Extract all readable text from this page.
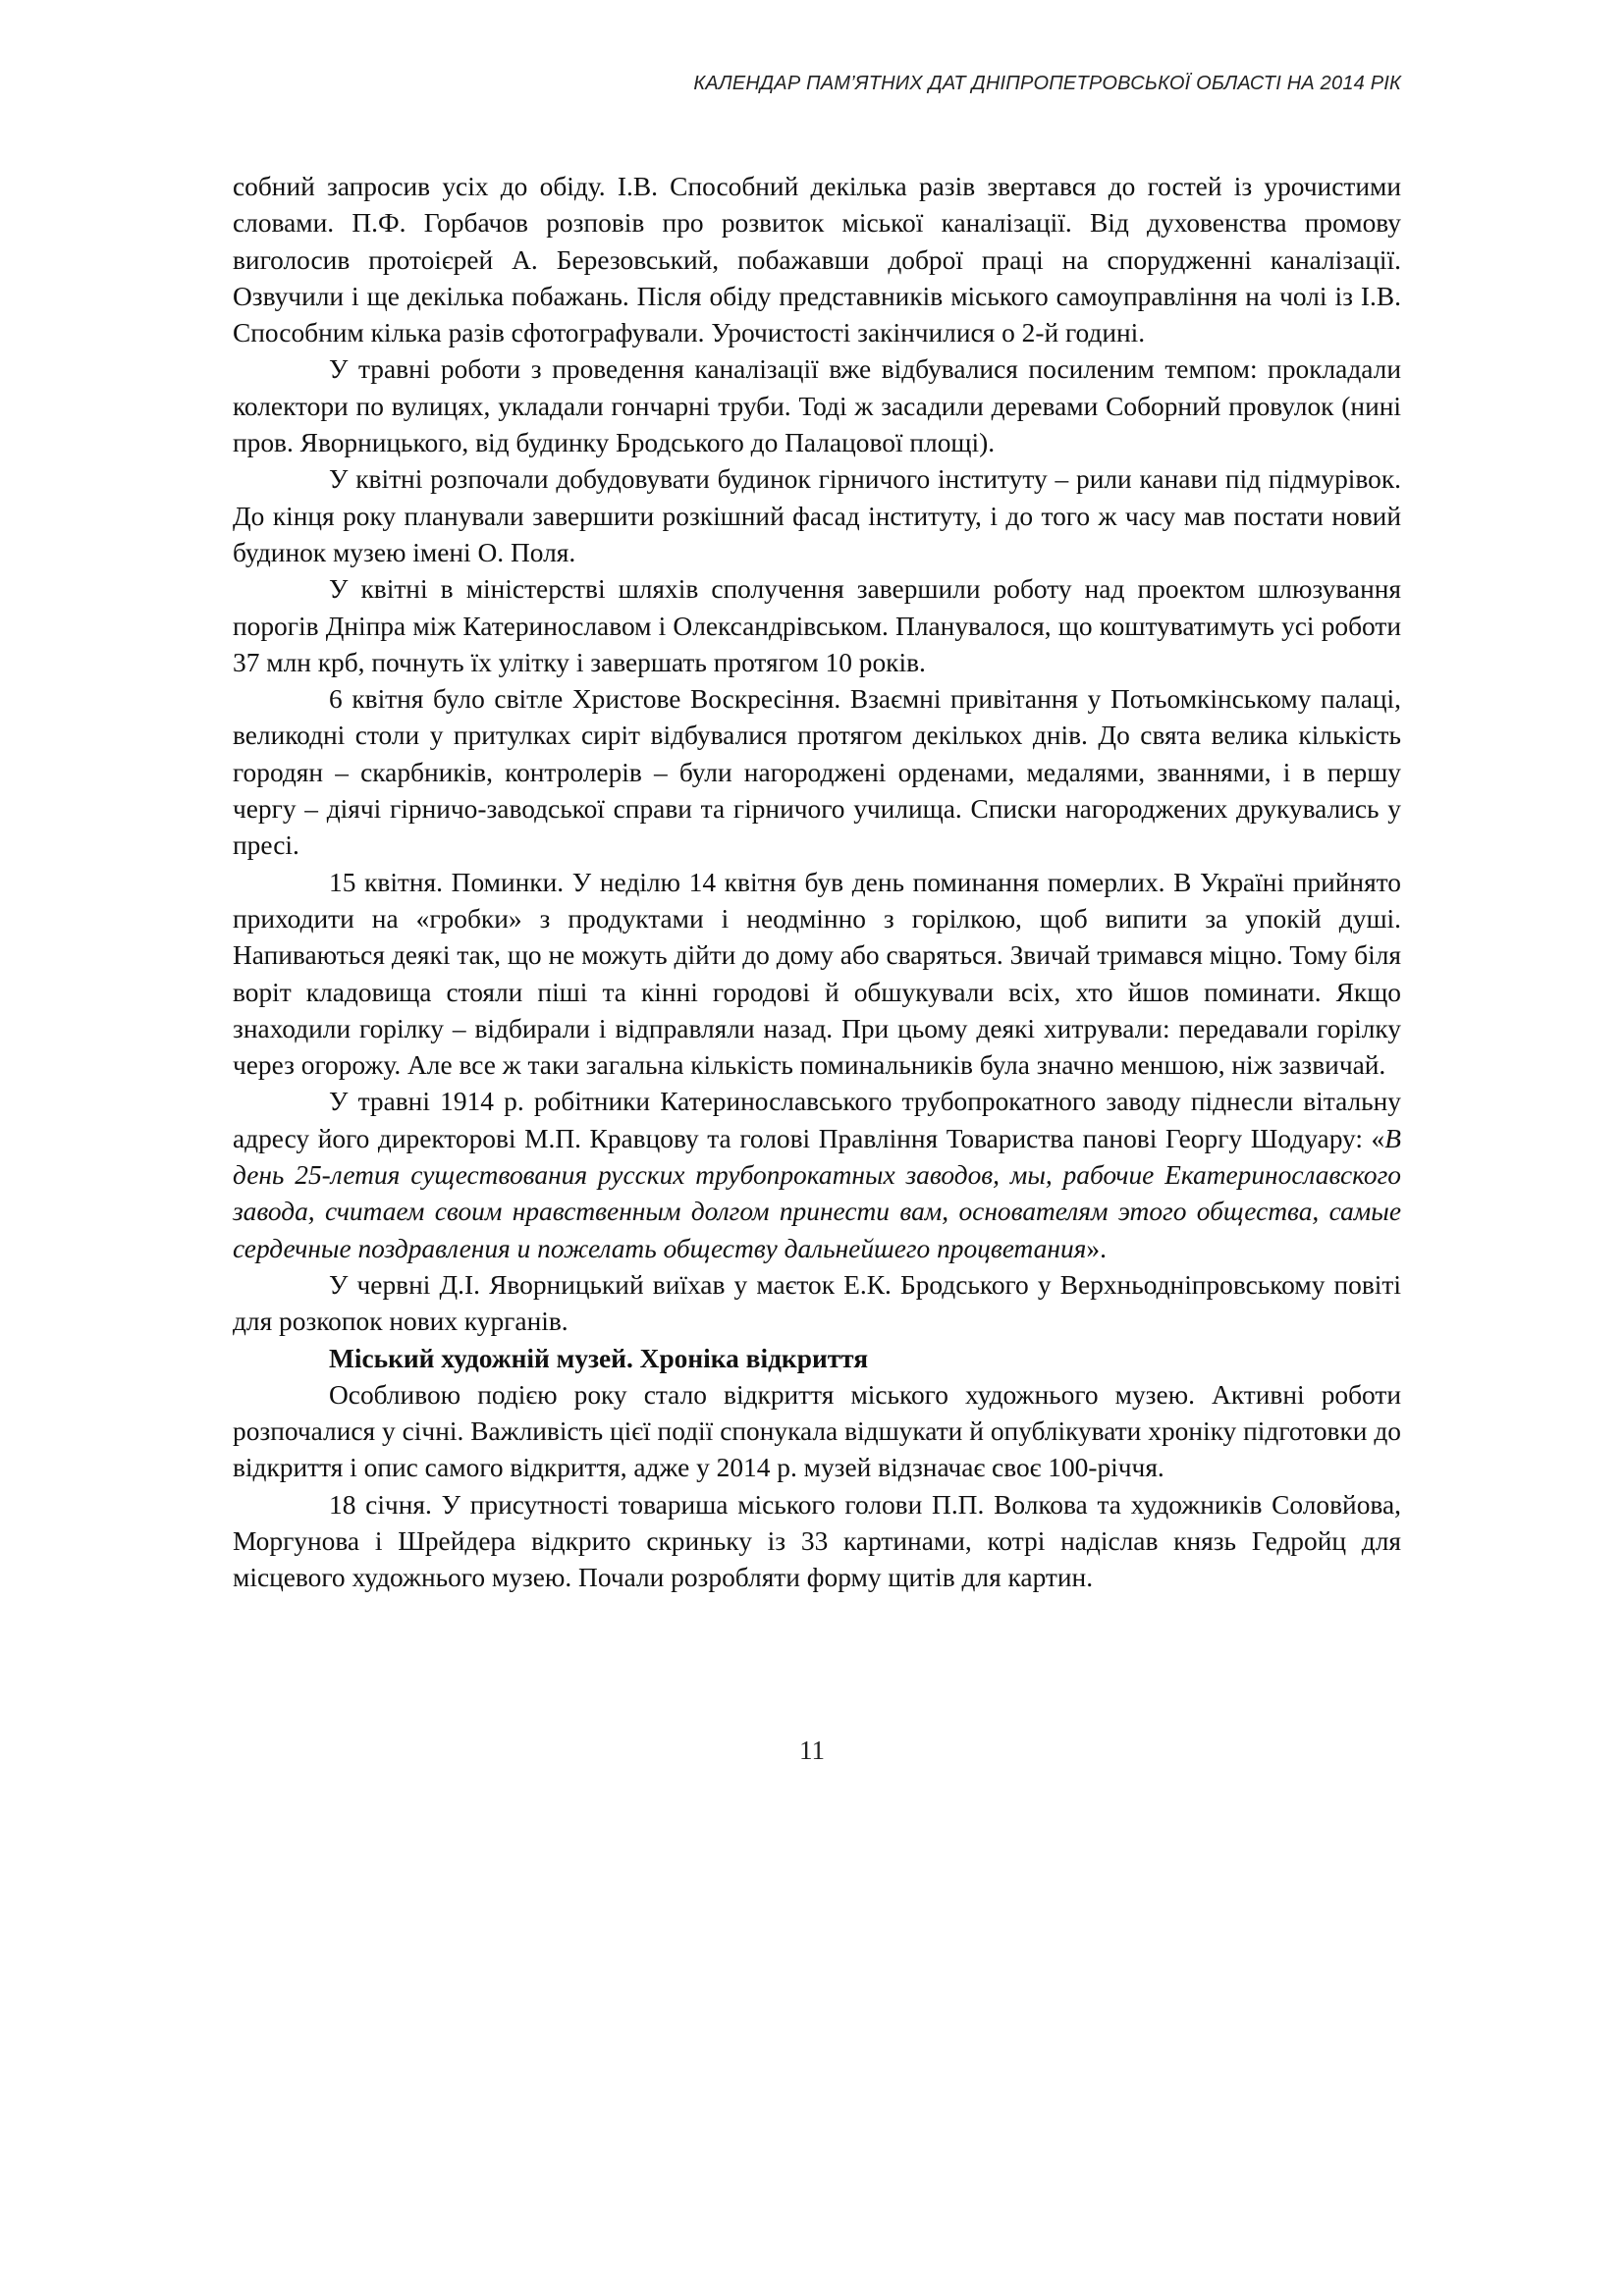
КАЛЕНДАР ПАМ’ЯТНИХ ДАТ ДНІПРОПЕТРОВСЬКОЇ ОБЛАСТІ НА 2014 РІК

собний запросив усіх до обіду. І.В. Способний декілька разів звертався до гостей із урочистими словами. П.Ф. Горбачов розповів про розвиток міської каналізації. Від духовенства промову виголосив протоієрей А. Березовський, побажавши доброї праці на спорудженні каналізації. Озвучили і ще декілька побажань. Після обіду представників міського самоуправління на чолі із І.В. Способним кілька разів сфотографували. Урочистості закінчилися о 2-й годині.

У травні роботи з проведення каналізації вже відбувалися посиленим темпом: прокладали колектори по вулицях, укладали гончарні труби. Тоді ж засадили деревами Соборний провулок (нині пров. Яворницького, від будинку Бродського до Палацової площі).

У квітні розпочали добудовувати будинок гірничого інституту – рили канави під підмурівок. До кінця року планували завершити розкішний фасад інституту, і до того ж часу мав постати новий будинок музею імені О. Поля.

У квітні в міністерстві шляхів сполучення завершили роботу над проектом шлюзування порогів Дніпра між Катеринославом і Олександрівськом. Планувалося, що коштуватимуть усі роботи 37 млн крб, почнуть їх улітку і завершать протягом 10 років.

6 квітня було світле Христове Воскресіння. Взаємні привітання у Потьомкінському палаці, великодні столи у притулках сиріт відбувалися протягом декількох днів. До свята велика кількість городян – скарбників, контролерів – були нагороджені орденами, медалями, званнями, і в першу чергу – діячі гірничо-заводської справи та гірничого училища. Списки нагороджених друкувались у пресі.

15 квітня. Поминки. У неділю 14 квітня був день поминання померлих. В Україні прийнято приходити на «гробки» з продуктами і неодмінно з горілкою, щоб випити за упокій душі. Напиваються деякі так, що не можуть дійти до дому або сваряться. Звичай тримався міцно. Тому біля воріт кладовища стояли піші та кінні городові й обшукували всіх, хто йшов поминати. Якщо знаходили горілку – відбирали і відправляли назад. При цьому деякі хитрували: передавали горілку через огорожу. Але все ж таки загальна кількість поминальників була значно меншою, ніж зазвичай.

У травні 1914 р. робітники Катеринославського трубопрокатного заводу піднесли вітальну адресу його директорові М.П. Кравцову та голові Правління Товариства панові Георгу Шодуару: «В день 25-летия существования русских трубопрокатных заводов, мы, рабочие Екатеринославского завода, считаем своим нравственным долгом принести вам, основателям этого общества, самые сердечные поздравления и пожелать обществу дальнейшего процветания».

У червні Д.І. Яворницький виїхав у маєток Е.К. Бродського у Верхньодніпровському повіті для розкопок нових курганів.

Міський художній музей. Хроніка відкриття

Особливою подією року стало відкриття міського художнього музею. Активні роботи розпочалися у січні. Важливість цієї події спонукала відшукати й опублікувати хроніку підготовки до відкриття і опис самого відкриття, адже у 2014 р. музей відзначає своє 100-річчя.

18 січня. У присутності товариша міського голови П.П. Волкова та художників Соловйова, Моргунова і Шрейдера відкрито скриньку із 33 картинами, котрі надіслав князь Гедройц для місцевого художнього музею. Почали розробляти форму щитів для картин.

11
